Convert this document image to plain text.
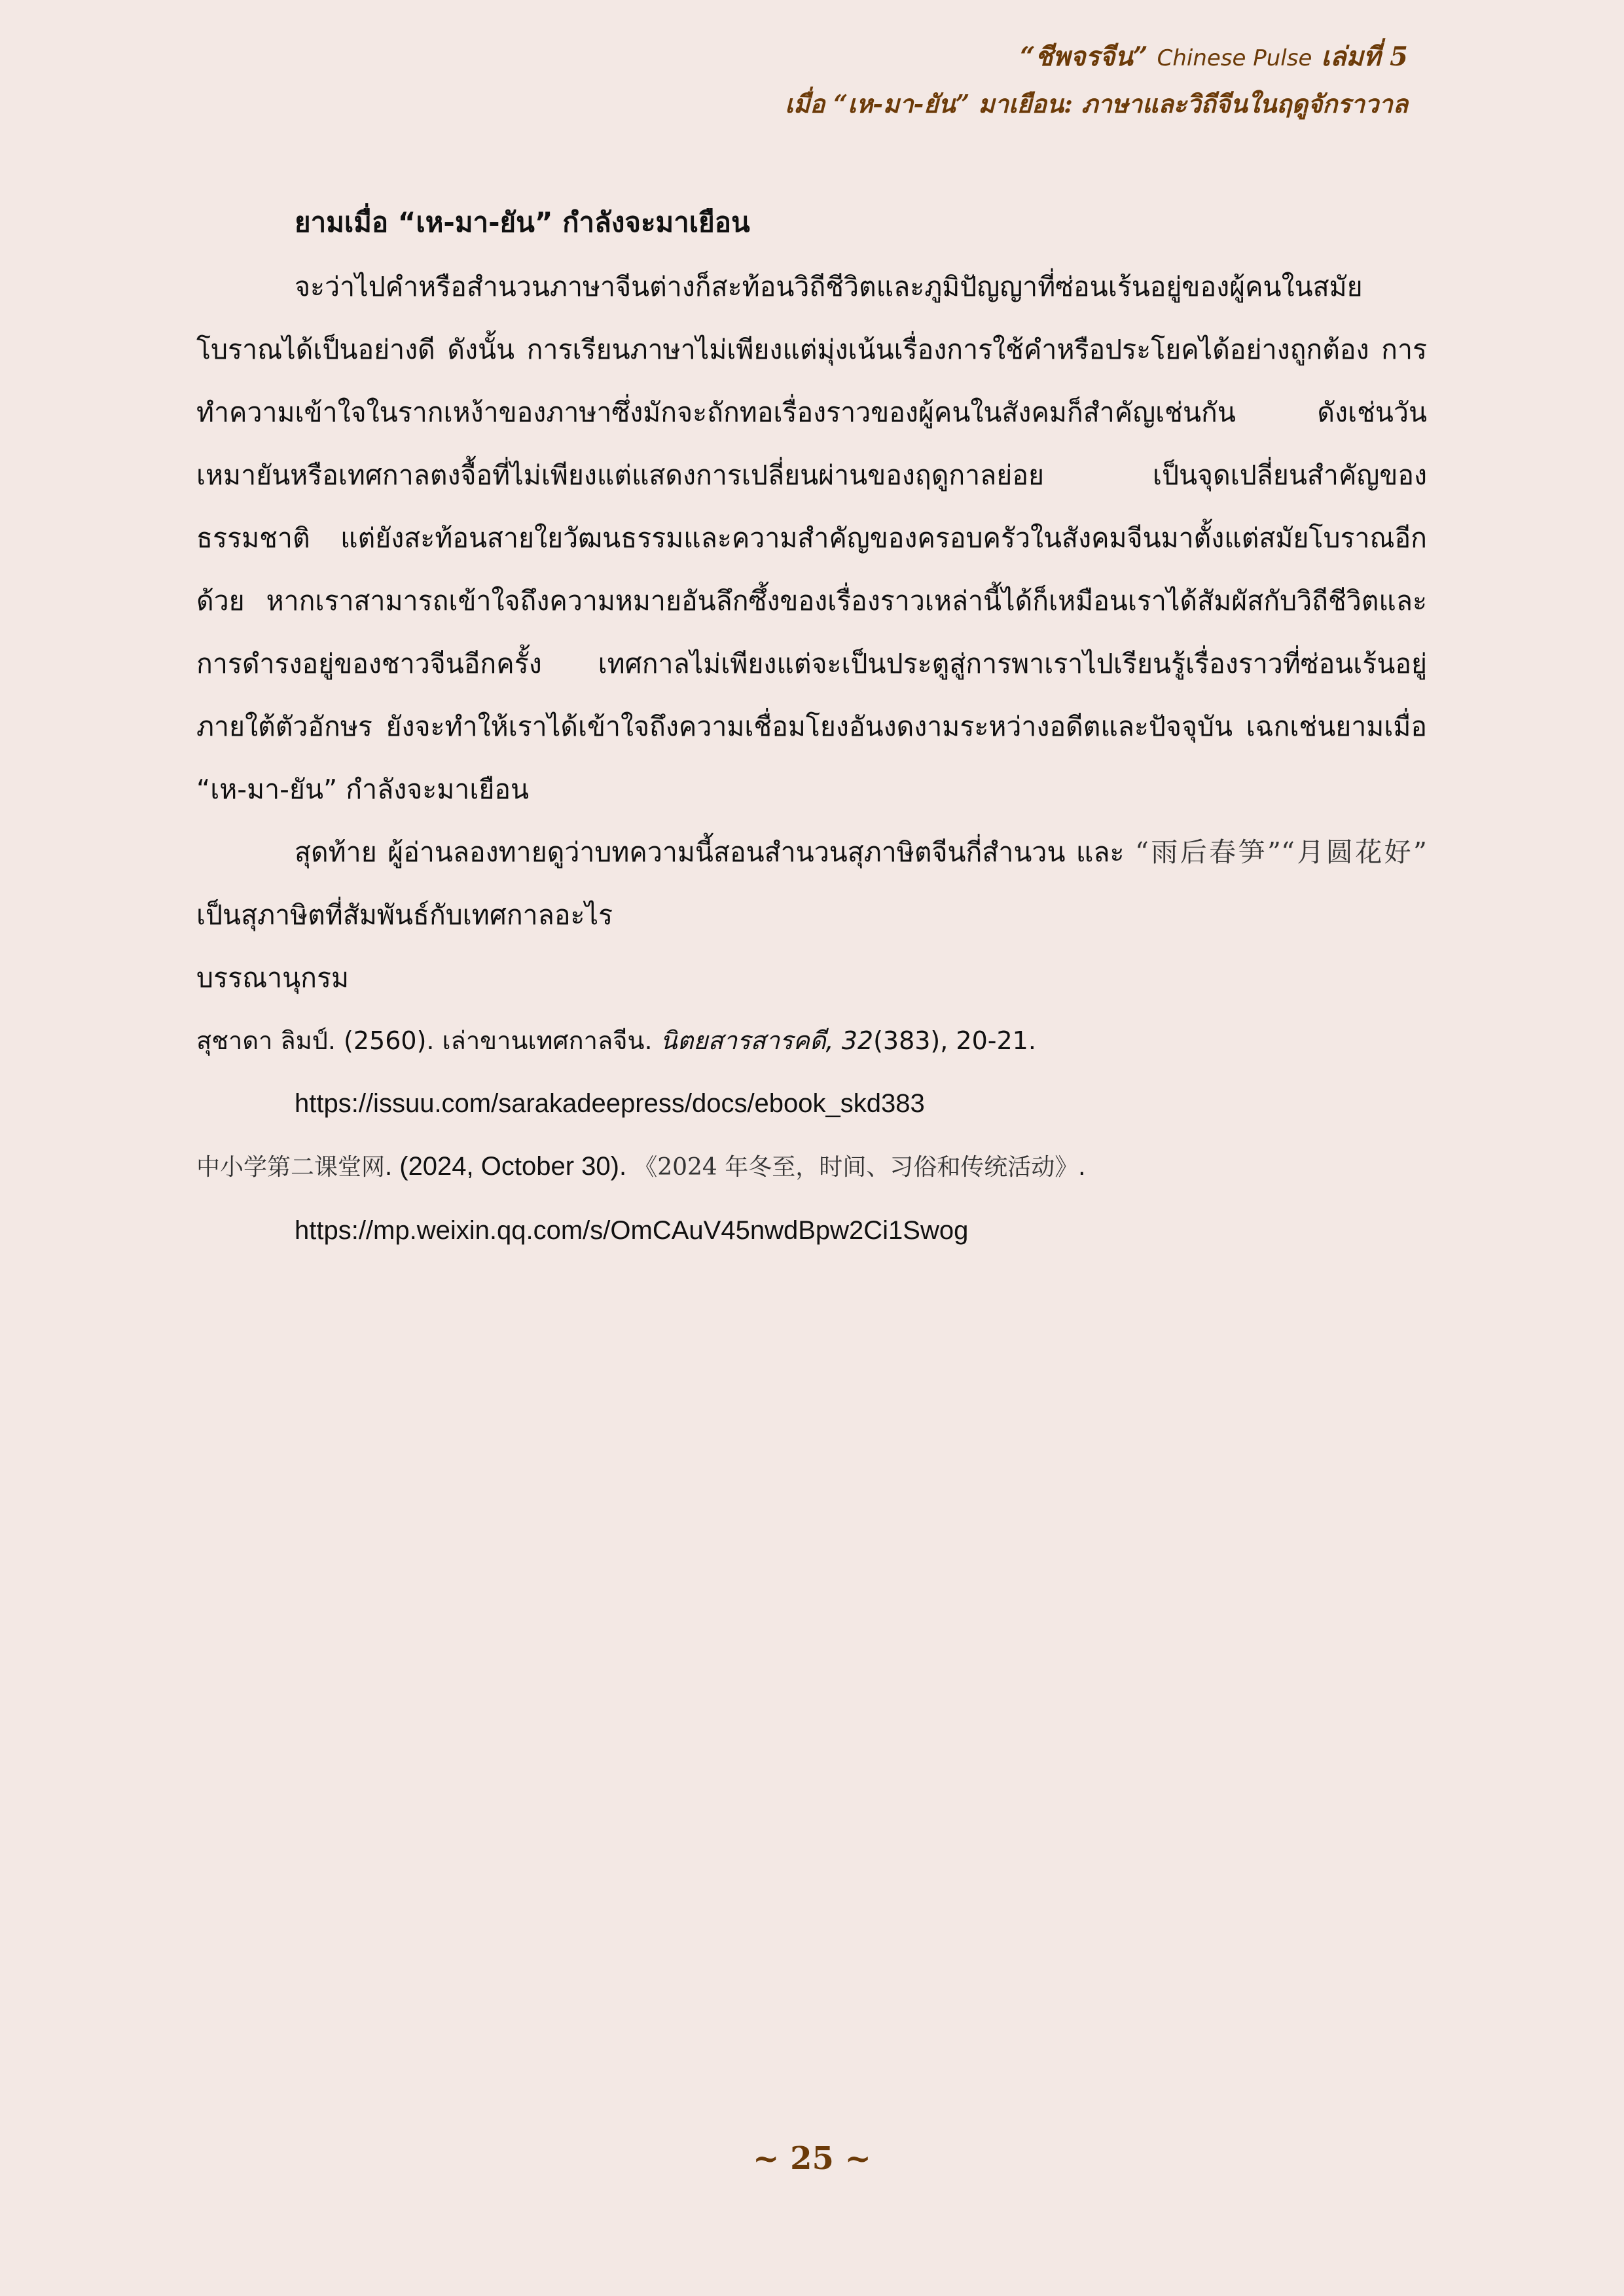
“ชีพจรจีน” Chinese Pulse เล่มที่ 5
เมื่อ “เห-มา-ยัน” มาเยือน: ภาษาและวิถีจีนในฤดูจักราวาล
ยามเมื่อ “เห-มา-ยัน” กำลังจะมาเยือน

จะว่าไปคำหรือสำนวนภาษาจีนต่างก็สะท้อนวิถีชีวิตและภูมิปัญญาที่ซ่อนเร้นอยู่ของผู้คนในสมัยโบราณได้เป็นอย่างดี ดังนั้น การเรียนภาษาไม่เพียงแต่มุ่งเน้นเรื่องการใช้คำหรือประโยคได้อย่างถูกต้อง การทำความเข้าใจในรากเหง้าของภาษาซึ่งมักจะถักทอเรื่องราวของผู้คนในสังคมก็สำคัญเช่นกัน ดังเช่นวันเหมายันหรือเทศกาลตงจื้อที่ไม่เพียงแต่แสดงการเปลี่ยนผ่านของฤดูกาลย่อย เป็นจุดเปลี่ยนสำคัญของธรรมชาติ แต่ยังสะท้อนสายใยวัฒนธรรมและความสำคัญของครอบครัวในสังคมจีนมาตั้งแต่สมัยโบราณอีกด้วย หากเราสามารถเข้าใจถึงความหมายอันลึกซึ้งของเรื่องราวเหล่านี้ได้ก็เหมือนเราได้สัมผัสกับวิถีชีวิตและการดำรงอยู่ของชาวจีนอีกครั้ง เทศกาลไม่เพียงแต่จะเป็นประตูสู่การพาเราไปเรียนรู้เรื่องราวที่ซ่อนเร้นอยู่ภายใต้ตัวอักษร ยังจะทำให้เราได้เข้าใจถึงความเชื่อมโยงอันงดงามระหว่างอดีตและปัจจุบัน เฉกเช่นยามเมื่อ “เห-มา-ยัน” กำลังจะมาเยือน

สุดท้าย ผู้อ่านลองทายดูว่าบทความนี้สอนสำนวนสุภาษิตจีนกี่สำนวน และ “雨后春笋”“月圆花好” เป็นสุภาษิตที่สัมพันธ์กับเทศกาลอะไร

บรรณานุกรม

สุชาดา ลิมป์. (2560). เล่าขานเทศกาลจีน. นิตยสารสารคดี, 32(383), 20-21.

https://issuu.com/sarakadeepress/docs/ebook_skd383

中小学第二课堂网. (2024, October 30). 《2024 年冬至，时间、习俗和传统活动》.

https://mp.weixin.qq.com/s/OmCAuV45nwdBpw2Ci1Swog

~ 25 ~
